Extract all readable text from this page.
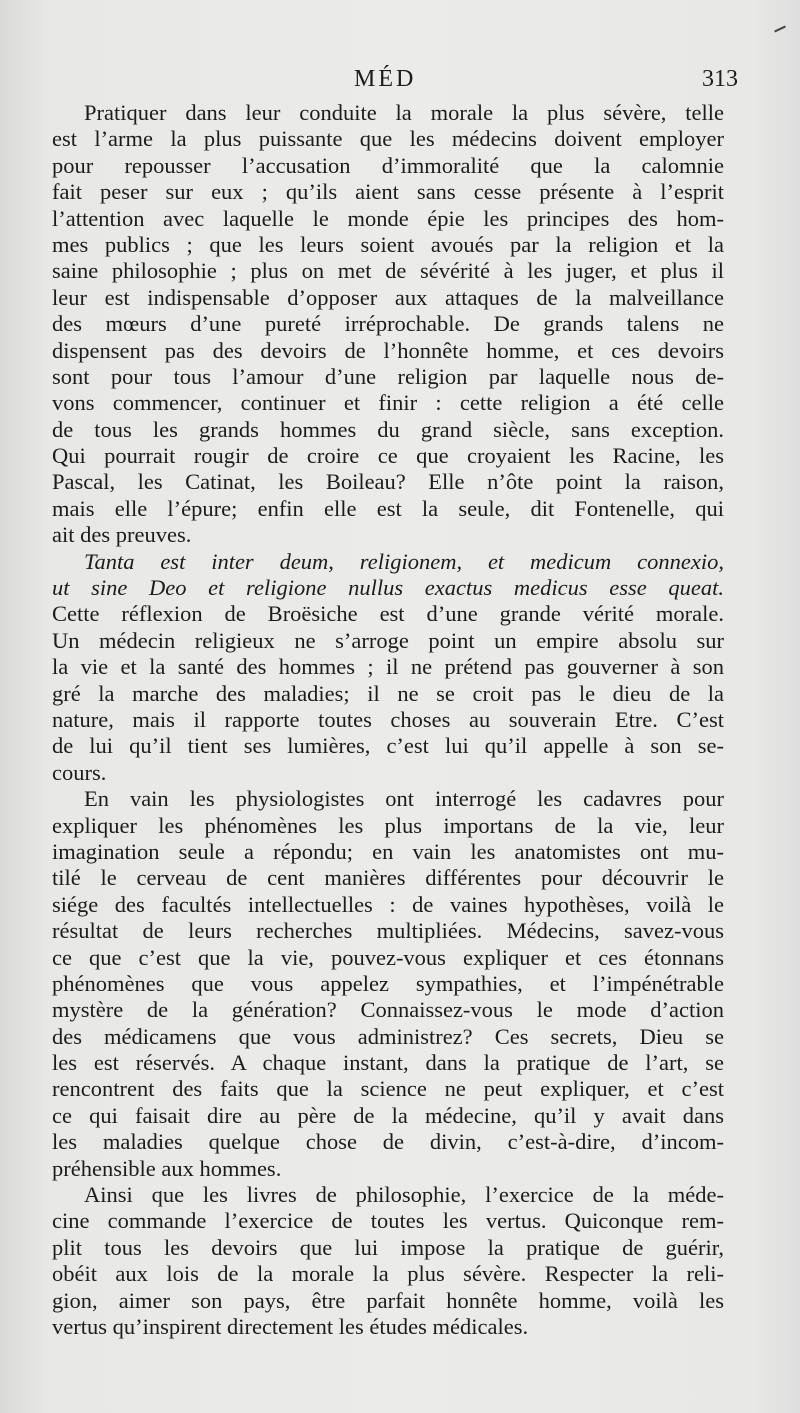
MÉD	313
Pratiquer dans leur conduite la morale la plus sévère, telle
est l’arme la plus puissante que les médecins doivent employer
pour repousser l’accusation d’immoralité que la calomnie
fait peser sur eux ; qu’ils aient sans cesse présente à l’esprit
l’attention avec laquelle le monde épie les principes des hom-
mes publics ; que les leurs soient avoués par la religion et la
saine philosophie ; plus on met de sévérité à les juger, et plus il
leur est indispensable d’opposer aux attaques de la malveillance
des mœurs d’une pureté irréprochable. De grands talens ne
dispensent pas des devoirs de l’honnête homme, et ces devoirs
sont pour tous l’amour d’une religion par laquelle nous de-
vons commencer, continuer et finir : cette religion a été celle
de tous les grands hommes du grand siècle, sans exception.
Qui pourrait rougir de croire ce que croyaient les Racine, les
Pascal, les Catinat, les Boileau? Elle n’ôte point la raison,
mais elle l’épure; enfin elle est la seule, dit Fontenelle, qui
ait des preuves.
Tanta est inter deum, religionem, et medicum connexio,
ut sine Deo et religione nullus exactus medicus esse queat.
Cette réflexion de Broësiche est d’une grande vérité morale.
Un médecin religieux ne s’arroge point un empire absolu sur
la vie et la santé des hommes ; il ne prétend pas gouverner à son
gré la marche des maladies; il ne se croit pas le dieu de la
nature, mais il rapporte toutes choses au souverain Etre. C’est
de lui qu’il tient ses lumières, c’est lui qu’il appelle à son se-
cours.
En vain les physiologistes ont interrogé les cadavres pour
expliquer les phénomènes les plus importans de la vie, leur
imagination seule a répondu; en vain les anatomistes ont mu-
tilé le cerveau de cent manières différentes pour découvrir le
siége des facultés intellectuelles : de vaines hypothèses, voilà le
résultat de leurs recherches multipliées. Médecins, savez-vous
ce que c’est que la vie, pouvez-vous expliquer et ces étonnans
phénomènes que vous appelez sympathies, et l’impénétrable
mystère de la génération? Connaissez-vous le mode d’action
des médicamens que vous administrez? Ces secrets, Dieu se
les est réservés. A chaque instant, dans la pratique de l’art, se
rencontrent des faits que la science ne peut expliquer, et c’est
ce qui faisait dire au père de la médecine, qu’il y avait dans
les maladies quelque chose de divin, c’est-à-dire, d’incom-
préhensible aux hommes.
Ainsi que les livres de philosophie, l’exercice de la méde-
cine commande l’exercice de toutes les vertus. Quiconque rem-
plit tous les devoirs que lui impose la pratique de guérir,
obéit aux lois de la morale la plus sévère. Respecter la reli-
gion, aimer son pays, être parfait honnête homme, voilà les
vertus qu’inspirent directement les études médicales.
